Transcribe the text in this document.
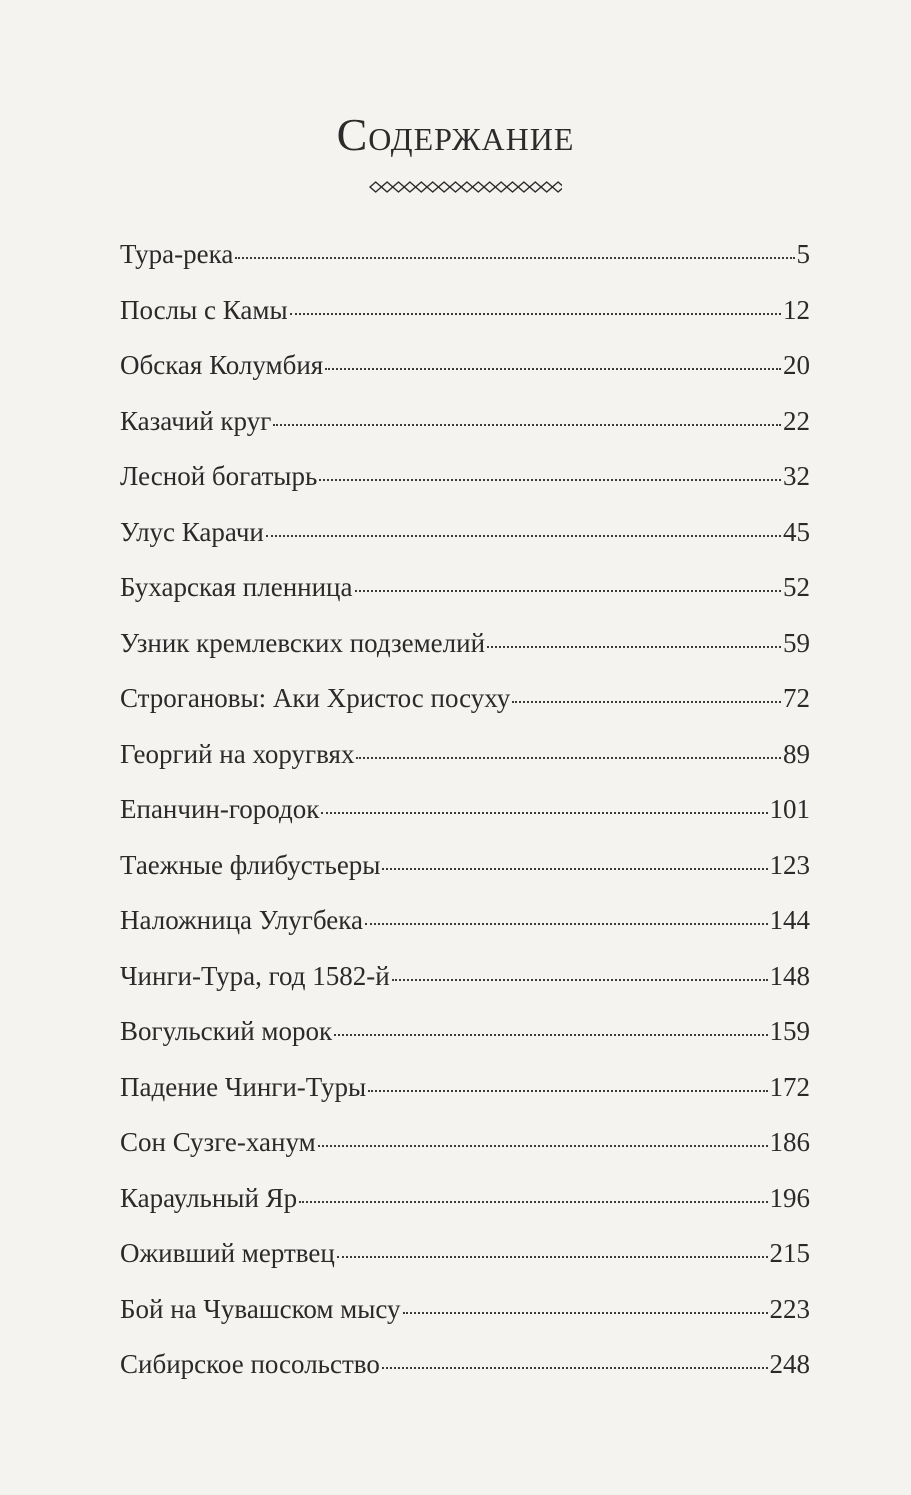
Содержание
Тура-река	5
Послы с Камы	12
Обская Колумбия	20
Казачий круг	22
Лесной богатырь	32
Улус Карачи	45
Бухарская пленница	52
Узник кремлевских подземелий	59
Строгановы: Аки Христос посуху	72
Георгий на хоругвях	89
Епанчин-городок	101
Таежные флибустьеры	123
Наложница Улугбека	144
Чинги-Тура, год 1582-й	148
Вогульский морок	159
Падение Чинги-Туры	172
Сон Сузге-ханум	186
Караульный Яр	196
Оживший мертвец	215
Бой на Чувашском мысу	223
Сибирское посольство	248
